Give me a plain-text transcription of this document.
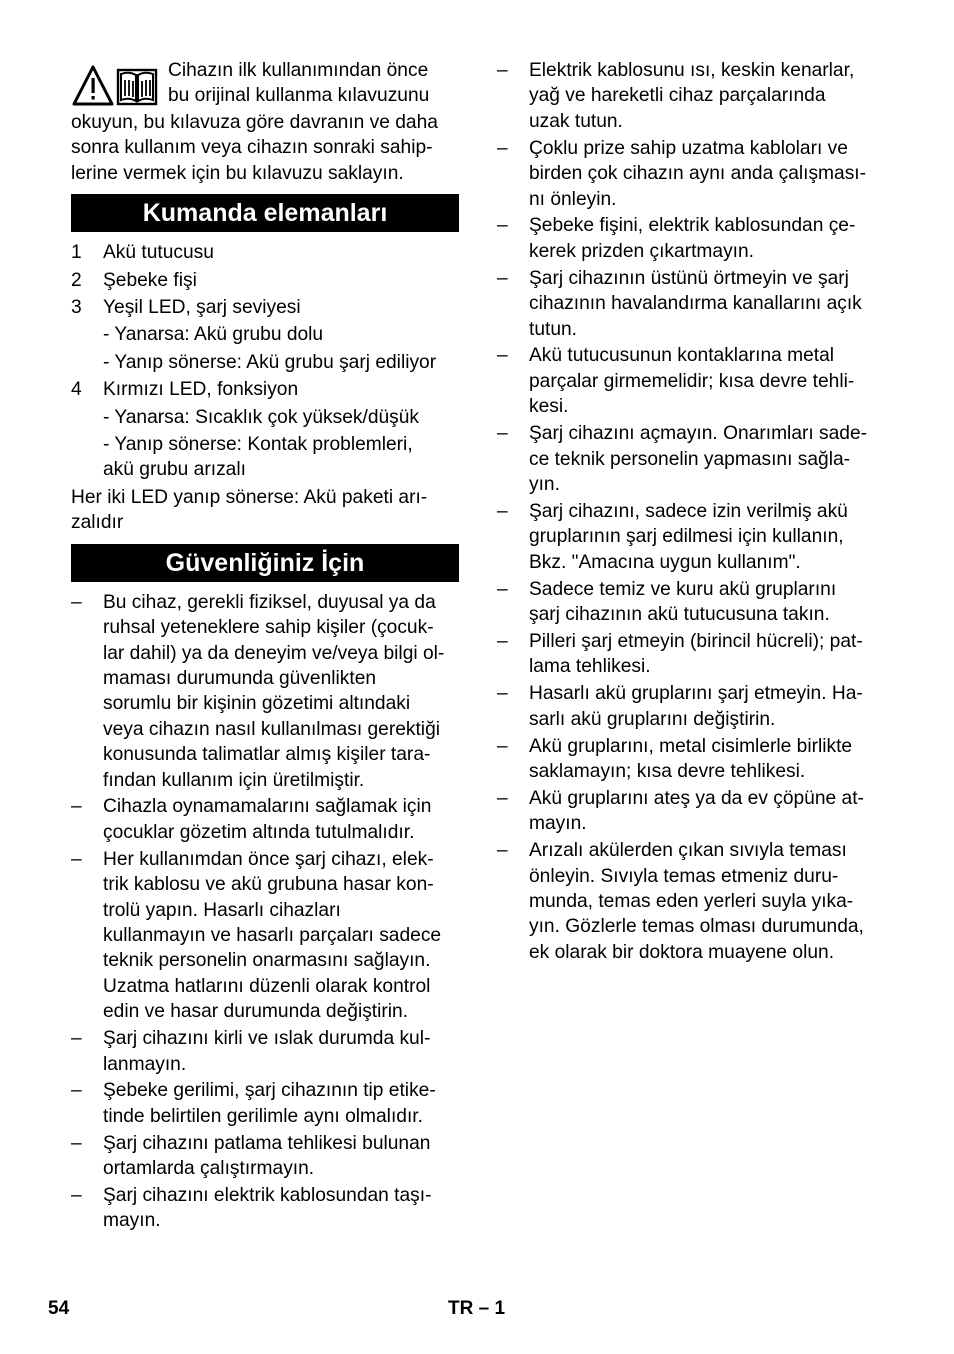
Cihazın ilk kullanımından önce
bu orijinal kullanma kılavuzunu
okuyun, bu kılavuza göre davranın ve daha
sonra kullanım veya cihazın sonraki sahip-
lerine vermek için bu kılavuzu saklayın.
Kumanda elemanları
1 Akü tutucusu
2 Şebeke fişi
3 Yeşil LED, şarj seviyesi
- Yanarsa: Akü grubu dolu
- Yanıp sönerse: Akü grubu şarj ediliyor
4 Kırmızı LED, fonksiyon
- Yanarsa: Sıcaklık çok yüksek/düşük
- Yanıp sönerse: Kontak problemleri,
akü grubu arızalı
Her iki LED yanıp sönerse: Akü paketi arı-
zalıdır
Güvenliğiniz İçin
– Bu cihaz, gerekli fiziksel, duyusal ya da
ruhsal yeteneklere sahip kişiler (çocuk-
lar dahil) ya da deneyim ve/veya bilgi ol-
maması durumunda güvenlikten
sorumlu bir kişinin gözetimi altındaki
veya cihazın nasıl kullanılması gerektiği
konusunda talimatlar almış kişiler tara-
fından kullanım için üretilmiştir.
– Cihazla oynamamalarını sağlamak için
çocuklar gözetim altında tutulmalıdır.
– Her kullanımdan önce şarj cihazı, elek-
trik kablosu ve akü grubuna hasar kon-
trolü yapın. Hasarlı cihazları
kullanmayın ve hasarlı parçaları sadece
teknik personelin onarmasını sağlayın.
Uzatma hatlarını düzenli olarak kontrol
edin ve hasar durumunda değiştirin.
– Şarj cihazını kirli ve ıslak durumda kul-
lanmayın.
– Şebeke gerilimi, şarj cihazının tip etike-
tinde belirtilen gerilimle aynı olmalıdır.
– Şarj cihazını patlama tehlikesi bulunan
ortamlarda çalıştırmayın.
– Şarj cihazını elektrik kablosundan taşı-
mayın.
– Elektrik kablosunu ısı, keskin kenarlar,
yağ ve hareketli cihaz parçalarında
uzak tutun.
– Çoklu prize sahip uzatma kabloları ve
birden çok cihazın aynı anda çalışması-
nı önleyin.
– Şebeke fişini, elektrik kablosundan çe-
kerek prizden çıkartmayın.
– Şarj cihazının üstünü örtmeyin ve şarj
cihazının havalandırma kanallarını açık
tutun.
– Akü tutucusunun kontaklarına metal
parçalar girmemelidir; kısa devre tehli-
kesi.
– Şarj cihazını açmayın. Onarımları sade-
ce teknik personelin yapmasını sağla-
yın.
– Şarj cihazını, sadece izin verilmiş akü
gruplarının şarj edilmesi için kullanın,
Bkz. "Amacına uygun kullanım".
– Sadece temiz ve kuru akü gruplarını
şarj cihazının akü tutucusuna takın.
– Pilleri şarj etmeyin (birincil hücreli); pat-
lama tehlikesi.
– Hasarlı akü gruplarını şarj etmeyin. Ha-
sarlı akü gruplarını değiştirin.
– Akü gruplarını, metal cisimlerle birlikte
saklamayın; kısa devre tehlikesi.
– Akü gruplarını ateş ya da ev çöpüne at-
mayın.
– Arızalı akülerden çıkan sıvıyla teması
önleyin. Sıvıyla temas etmeniz duru-
munda, temas eden yerleri suyla yıka-
yın. Gözlerle temas olması durumunda,
ek olarak bir doktora muayene olun.
54	TR – 1
